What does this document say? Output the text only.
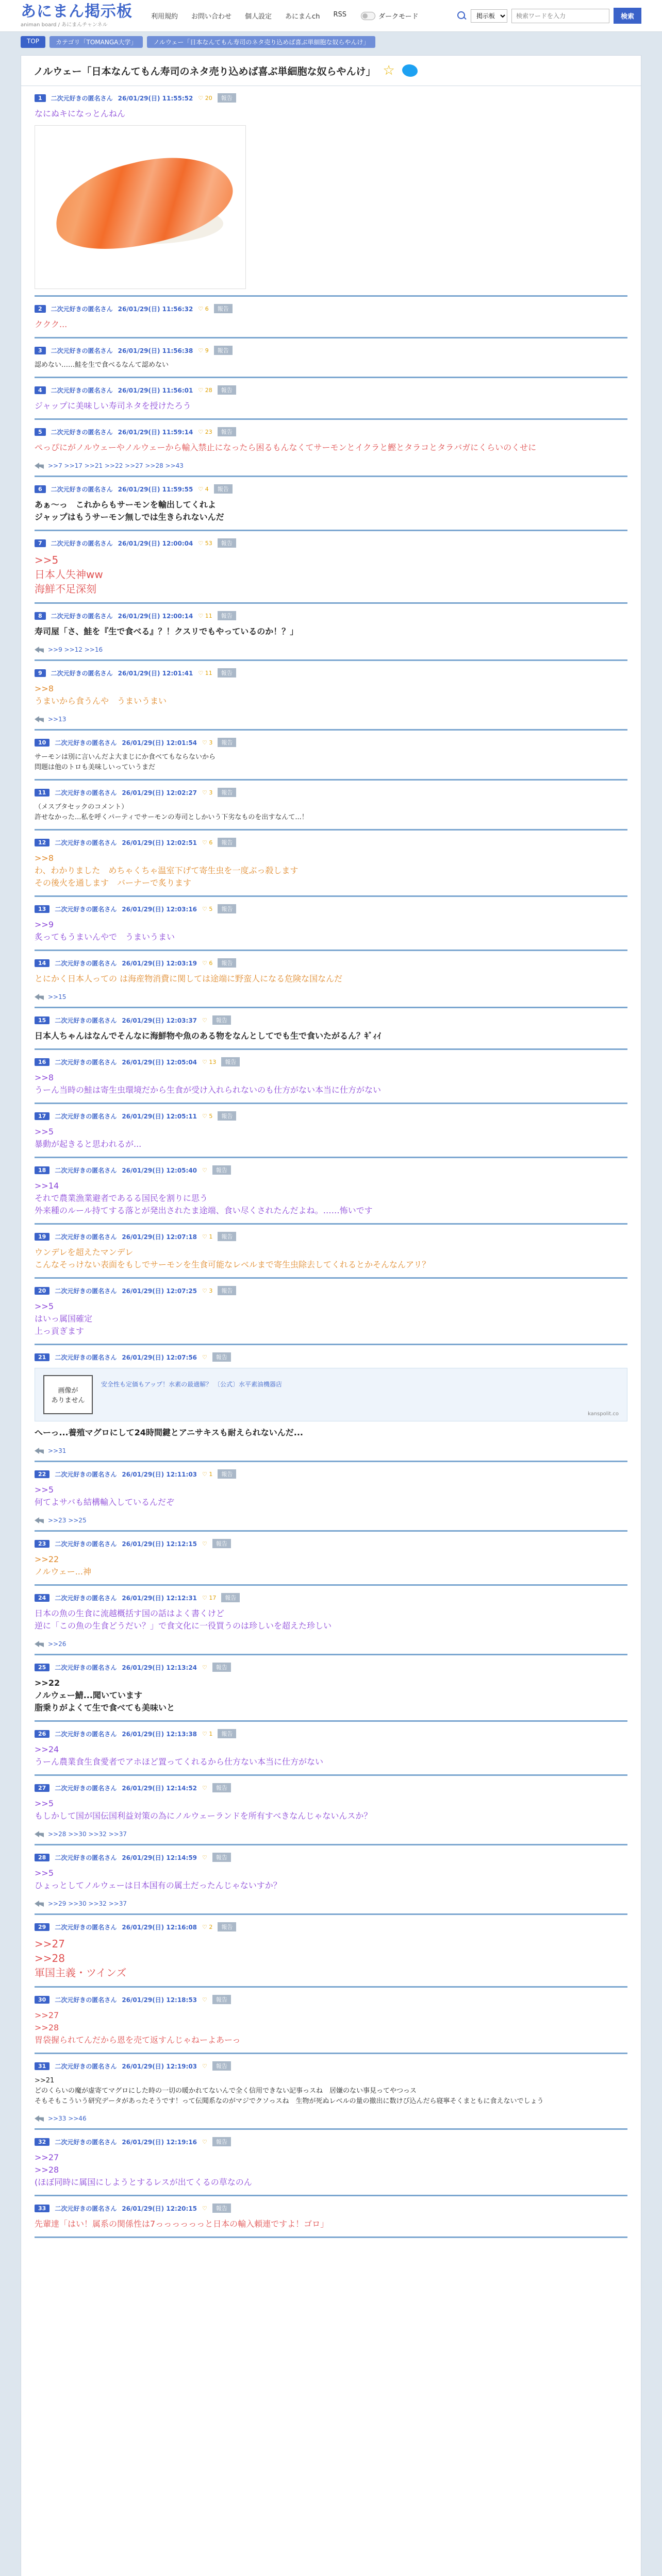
あにまん掲示板
animan board / あにまんチャンネル
利用規約 お問い合わせ 個人設定 あにまんch RSS	ダークモード
掲示板
検索ワードを入力	検索
TOP	カテゴリ「TOMANGA大学」	ノルウェー「日本なんてもん寿司のネタ売り込めば喜ぶ単細胞な奴らやんけ」
ノルウェー「日本なんてもん寿司のネタ売り込めば喜ぶ単細胞な奴らやんけ」 ☆
1	二次元好きの匿名さん 26/01/29(日) 11:55:52 ♡ 20	報告
なにぬキになっとんねん
2	二次元好きの匿名さん 26/01/29(日) 11:56:32 ♡ 6	報告
ククク...
3	二次元好きの匿名さん 26/01/29(日) 11:56:38 ♡ 9	報告
認めない……鮭を生で食べるなんて認めない
4	二次元好きの匿名さん 26/01/29(日) 11:56:01 ♡ 28	報告
ジャップに美味しい寿司ネタを授けたろう
5	二次元好きの匿名さん 26/01/29(日) 11:59:14 ♡ 23	報告
ぺっぴにがノルウェーやノルウェーから輸入禁止になったら困るもんなくてサーモンとイクラと鰹とタラコとタラバガにくらいのくせに
>>7 >>17 >>21 >>22 >>27 >>28 >>43
6	二次元好きの匿名さん 26/01/29(日) 11:59:55 ♡ 4	報告
あぁ～っ　これからもサーモンを輸出してくれよ
ジャップはもうサーモン無しでは生きられないんだ
7	二次元好きの匿名さん 26/01/29(日) 12:00:04 ♡ 53	報告
>>5
日本人失神ww
海鮮不足深刻
8	二次元好きの匿名さん 26/01/29(日) 12:00:14 ♡ 11	報告
寿司屋「さ、鮭を『生で食べる』？！クスリでもやっているのか！？」
>>9 >>12 >>16
9	二次元好きの匿名さん 26/01/29(日) 12:01:41 ♡ 11	報告
>>8
うまいから食うんや　うまいうまい
>>13
10	二次元好きの匿名さん 26/01/29(日) 12:01:54 ♡ 3	報告
サーモンは別に言いんだよ大まじにか食べてもならないから
問題は他のトロも美味しいっていうまだ
11	二次元好きの匿名さん 26/01/29(日) 12:02:27 ♡ 3	報告
（メスブタセックのコメント）
許せなかった...私を呼くパーティでサーモンの寿司としかいう下劣なものを出すなんて...！
12	二次元好きの匿名さん 26/01/29(日) 12:02:51 ♡ 6	報告
>>8
わ、わかりました　めちゃくちゃ温室下げて寄生虫を一度ぶっ殺します
その後火を通します　バーナーで炙ります
13	二次元好きの匿名さん 26/01/29(日) 12:03:16 ♡ 5	報告
>>9
炙ってもうまいんやで　うまいうまい
14	二次元好きの匿名さん 26/01/29(日) 12:03:19 ♡ 6	報告
とにかく日本人っての は海産物消費に関しては途端に野蛮人になる危険な国なんだ
>>15
15	二次元好きの匿名さん 26/01/29(日) 12:03:37 ♡	報告
日本人ちゃんはなんでそんなに海鮮物や魚のある物をなんとしてでも生で食いたがるん？ｷﾞｨｲ
16	二次元好きの匿名さん 26/01/29(日) 12:05:04 ♡ 13	報告
>>8
うーん当時の鮭は寄生虫環境だから生食が受け入れられないのも仕方がない本当に仕方がない
17	二次元好きの匿名さん 26/01/29(日) 12:05:11 ♡ 5	報告
>>5
暴動が起きると思われるが...
18	二次元好きの匿名さん 26/01/29(日) 12:05:40 ♡	報告
>>14
それで農業漁業避者であるる国民を割りに思う
外来種のルール持てする落とが発出されたま途端、食い尽くされたんだよね。……怖いです
19	二次元好きの匿名さん 26/01/29(日) 12:07:18 ♡ 1	報告
ウンデレを超えたマンデレ
こんなそっけない表面をもしでサーモンを生食可能なレベルまで寄生虫除去してくれるとかそんなんアリ？
20	二次元好きの匿名さん 26/01/29(日) 12:07:25 ♡ 3	報告
>>5
はいっ属国確定
上っ貢ぎます
21	二次元好きの匿名さん 26/01/29(日) 12:07:56 ♡	報告
画像が
ありません
安全性も定価もアップ！水素の最適解？ 〔公式〕水平素油機器店
kanspolit.co
へーっ...養殖マグロにして24時間鍵とアニサキスも耐えられないんだ...
>>31
22	二次元好きの匿名さん 26/01/29(日) 12:11:03 ♡ 1	報告
>>5
何てよサバも結構輸入しているんだぞ
>>23 >>25
23	二次元好きの匿名さん 26/01/29(日) 12:12:15 ♡	報告
>>22
ノルウェー...神
24	二次元好きの匿名さん 26/01/29(日) 12:12:31 ♡ 17	報告
日本の魚の生食に流越概括す国の話はよく書くけど
逆に「この魚の生食どうだい？」で食文化に一役買うのは珍しいを超えた珍しい
>>26
25	二次元好きの匿名さん 26/01/29(日) 12:13:24 ♡	報告
>>22
ノルウェー鯖...聞いています
脂乗りがよくて生で食べても美味いと
26	二次元好きの匿名さん 26/01/29(日) 12:13:38 ♡ 1	報告
>>24
うーん農業食生食愛者でアホほど置ってくれるから仕方ない本当に仕方がない
27	二次元好きの匿名さん 26/01/29(日) 12:14:52 ♡	報告
>>5
もしかして国が国伝国利益対策の為にノルウェーランドを所有すべきなんじゃないんスか？
>>28 >>30 >>32 >>37
28	二次元好きの匿名さん 26/01/29(日) 12:14:59 ♡	報告
>>5
ひょっとしてノルウェーは日本国有の属土だったんじゃないすか？
>>29 >>30 >>32 >>37
29	二次元好きの匿名さん 26/01/29(日) 12:16:08 ♡ 2	報告
>>27
>>28
軍国主義・ツインズ
30	二次元好きの匿名さん 26/01/29(日) 12:18:53 ♡	報告
>>27
>>28
胃袋握られてんだから恩を売て返すんじゃねーよあーっ
31	二次元好きの匿名さん 26/01/29(日) 12:19:03 ♡	報告
>>21
どのくらいの魔が虚寄てマグロにした時の一切の暖かれてないんで全く信用できない記事っスね　居嫌のない事見ってやつっス
そもそもこういう研究データがあったそうです！って伝聞系なのがマジでクソっスね　生物が死ぬレベルの量の撤出に数けび込んだら寝寧そくまともに食えないでしょう
>>33 >>46
32	二次元好きの匿名さん 26/01/29(日) 12:19:16 ♡	報告
>>27
>>28
(ほぼ同時に属国にしようとするレスが出てくるの草なのん
33	二次元好きの匿名さん 26/01/29(日) 12:20:15 ♡	報告
先輩達「はい！属系の関係性は7っっっっっっと日本の輸入頼連ですよ！ゴロ」
